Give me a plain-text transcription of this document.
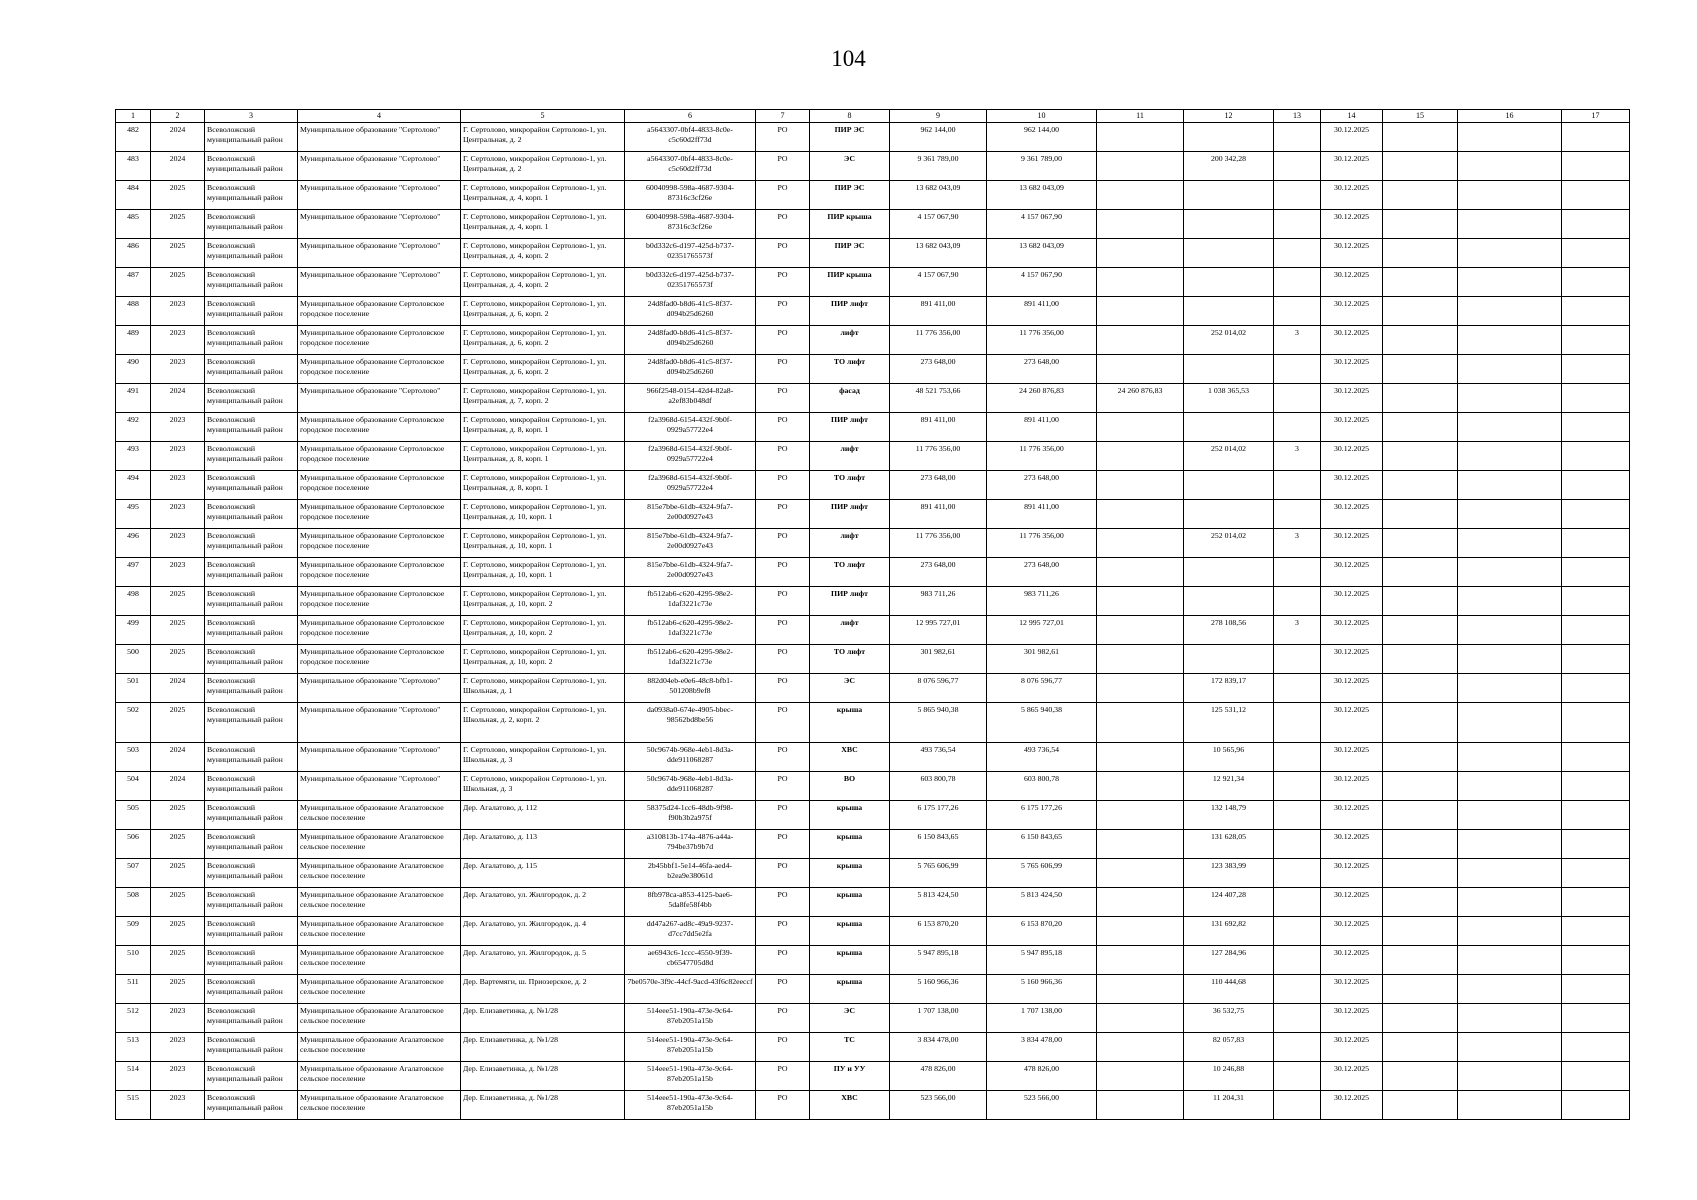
104
1	2	3	4	5	6	7	8	9	10	11	12	13	14	15	16	17
482	2024	Всеволожский муниципальный район	Муниципальное образование "Сертолово"	Г. Сертолово, микрорайон Сертолово-1, ул. Центральная, д. 2	a5643307-0bf4-4833-8c0e-c5c60d2ff73d	РО	ПИР ЭС	962 144,00	962 144,00				30.12.2025			
483	2024	Всеволожский муниципальный район	Муниципальное образование "Сертолово"	Г. Сертолово, микрорайон Сертолово-1, ул. Центральная, д. 2	a5643307-0bf4-4833-8c0e-c5c60d2ff73d	РО	ЭС	9 361 789,00	9 361 789,00		200 342,28		30.12.2025			
484	2025	Всеволожский муниципальный район	Муниципальное образование "Сертолово"	Г. Сертолово, микрорайон Сертолово-1, ул. Центральная, д. 4, корп. 1	60040998-598a-4687-9304-87316c3cf26e	РО	ПИР ЭС	13 682 043,09	13 682 043,09				30.12.2025			
485	2025	Всеволожский муниципальный район	Муниципальное образование "Сертолово"	Г. Сертолово, микрорайон Сертолово-1, ул. Центральная, д. 4, корп. 1	60040998-598a-4687-9304-87316c3cf26e	РО	ПИР крыша	4 157 067,90	4 157 067,90				30.12.2025			
486	2025	Всеволожский муниципальный район	Муниципальное образование "Сертолово"	Г. Сертолово, микрорайон Сертолово-1, ул. Центральная, д. 4, корп. 2	b0d332c6-d197-425d-b737-02351765573f	РО	ПИР ЭС	13 682 043,09	13 682 043,09				30.12.2025			
487	2025	Всеволожский муниципальный район	Муниципальное образование "Сертолово"	Г. Сертолово, микрорайон Сертолово-1, ул. Центральная, д. 4, корп. 2	b0d332c6-d197-425d-b737-02351765573f	РО	ПИР крыша	4 157 067,90	4 157 067,90				30.12.2025			
488	2023	Всеволожский муниципальный район	Муниципальное образование Сертоловское городское поселение	Г. Сертолово, микрорайон Сертолово-1, ул. Центральная, д. 6, корп. 2	24d8fad0-b8d6-41c5-8f37-d094b25d6260	РО	ПИР лифт	891 411,00	891 411,00				30.12.2025			
489	2023	Всеволожский муниципальный район	Муниципальное образование Сертоловское городское поселение	Г. Сертолово, микрорайон Сертолово-1, ул. Центральная, д. 6, корп. 2	24d8fad0-b8d6-41c5-8f37-d094b25d6260	РО	лифт	11 776 356,00	11 776 356,00		252 014,02	3	30.12.2025			
490	2023	Всеволожский муниципальный район	Муниципальное образование Сертоловское городское поселение	Г. Сертолово, микрорайон Сертолово-1, ул. Центральная, д. 6, корп. 2	24d8fad0-b8d6-41c5-8f37-d094b25d6260	РО	ТО лифт	273 648,00	273 648,00				30.12.2025			
491	2024	Всеволожский муниципальный район	Муниципальное образование "Сертолово"	Г. Сертолово, микрорайон Сертолово-1, ул. Центральная, д. 7, корп. 2	966f2548-0154-42d4-82a8-a2ef83b048df	РО	фасад	48 521 753,66	24 260 876,83	24 260 876,83	1 038 365,53		30.12.2025			
492	2023	Всеволожский муниципальный район	Муниципальное образование Сертоловское городское поселение	Г. Сертолово, микрорайон Сертолово-1, ул. Центральная, д. 8, корп. 1	f2a3968d-6154-432f-9b0f-0929a57722e4	РО	ПИР лифт	891 411,00	891 411,00				30.12.2025			
493	2023	Всеволожский муниципальный район	Муниципальное образование Сертоловское городское поселение	Г. Сертолово, микрорайон Сертолово-1, ул. Центральная, д. 8, корп. 1	f2a3968d-6154-432f-9b0f-0929a57722e4	РО	лифт	11 776 356,00	11 776 356,00		252 014,02	3	30.12.2025			
494	2023	Всеволожский муниципальный район	Муниципальное образование Сертоловское городское поселение	Г. Сертолово, микрорайон Сертолово-1, ул. Центральная, д. 8, корп. 1	f2a3968d-6154-432f-9b0f-0929a57722e4	РО	ТО лифт	273 648,00	273 648,00				30.12.2025			
495	2023	Всеволожский муниципальный район	Муниципальное образование Сертоловское городское поселение	Г. Сертолово, микрорайон Сертолово-1, ул. Центральная, д. 10, корп. 1	815e7bbe-61db-4324-9fa7-2e00d0927e43	РО	ПИР лифт	891 411,00	891 411,00				30.12.2025			
496	2023	Всеволожский муниципальный район	Муниципальное образование Сертоловское городское поселение	Г. Сертолово, микрорайон Сертолово-1, ул. Центральная, д. 10, корп. 1	815e7bbe-61db-4324-9fa7-2e00d0927e43	РО	лифт	11 776 356,00	11 776 356,00		252 014,02	3	30.12.2025			
497	2023	Всеволожский муниципальный район	Муниципальное образование Сертоловское городское поселение	Г. Сертолово, микрорайон Сертолово-1, ул. Центральная, д. 10, корп. 1	815e7bbe-61db-4324-9fa7-2e00d0927e43	РО	ТО лифт	273 648,00	273 648,00				30.12.2025			
498	2025	Всеволожский муниципальный район	Муниципальное образование Сертоловское городское поселение	Г. Сертолово, микрорайон Сертолово-1, ул. Центральная, д. 10, корп. 2	fb512ab6-c620-4295-98e2-1daf3221c73e	РО	ПИР лифт	983 711,26	983 711,26				30.12.2025			
499	2025	Всеволожский муниципальный район	Муниципальное образование Сертоловское городское поселение	Г. Сертолово, микрорайон Сертолово-1, ул. Центральная, д. 10, корп. 2	fb512ab6-c620-4295-98e2-1daf3221c73e	РО	лифт	12 995 727,01	12 995 727,01		278 108,56	3	30.12.2025			
500	2025	Всеволожский муниципальный район	Муниципальное образование Сертоловское городское поселение	Г. Сертолово, микрорайон Сертолово-1, ул. Центральная, д. 10, корп. 2	fb512ab6-c620-4295-98e2-1daf3221c73e	РО	ТО лифт	301 982,61	301 982,61				30.12.2025			
501	2024	Всеволожский муниципальный район	Муниципальное образование "Сертолово"	Г. Сертолово, микрорайон Сертолово-1, ул. Школьная, д. 1	882d04eb-e0e6-48c8-bfb1-501208b9ef8	РО	ЭС	8 076 596,77	8 076 596,77		172 839,17		30.12.2025			
502	2025	Всеволожский муниципальный район	Муниципальное образование "Сертолово"	Г. Сертолово, микрорайон Сертолово-1, ул. Школьная, д. 2, корп. 2	da0938a0-674e-4905-bbec-98562bd8be56	РО	крыша	5 865 940,38	5 865 940,38		125 531,12		30.12.2025			
503	2024	Всеволожский муниципальный район	Муниципальное образование "Сертолово"	Г. Сертолово, микрорайон Сертолово-1, ул. Школьная, д. 3	50c9674b-968e-4eb1-8d3a-dde911068287	РО	ХВС	493 736,54	493 736,54		10 565,96		30.12.2025			
504	2024	Всеволожский муниципальный район	Муниципальное образование "Сертолово"	Г. Сертолово, микрорайон Сертолово-1, ул. Школьная, д. 3	50c9674b-968e-4eb1-8d3a-dde911068287	РО	ВО	603 800,78	603 800,78		12 921,34		30.12.2025			
505	2025	Всеволожский муниципальный район	Муниципальное образование Агалатовское сельское поселение	Дер. Агалатово, д. 112	58375d24-1cc6-48db-9f98-f90b3b2a975f	РО	крыша	6 175 177,26	6 175 177,26		132 148,79		30.12.2025			
506	2025	Всеволожский муниципальный район	Муниципальное образование Агалатовское сельское поселение	Дер. Агалатово, д. 113	a310813b-174a-4876-a44a-794be37b9b7d	РО	крыша	6 150 843,65	6 150 843,65		131 628,05		30.12.2025			
507	2025	Всеволожский муниципальный район	Муниципальное образование Агалатовское сельское поселение	Дер. Агалатово, д. 115	2b45bbf1-5e14-46fa-aed4-b2ea9e38061d	РО	крыша	5 765 606,99	5 765 606,99		123 383,99		30.12.2025			
508	2025	Всеволожский муниципальный район	Муниципальное образование Агалатовское сельское поселение	Дер. Агалатово, ул. Жилгородок, д. 2	8fb978ca-a853-4125-bae6-5da8fe58f4bb	РО	крыша	5 813 424,50	5 813 424,50		124 407,28		30.12.2025			
509	2025	Всеволожский муниципальный район	Муниципальное образование Агалатовское сельское поселение	Дер. Агалатово, ул. Жилгородок, д. 4	dd47a267-ad8c-49a9-9237-d7cc7dd5e2fa	РО	крыша	6 153 870,20	6 153 870,20		131 692,82		30.12.2025			
510	2025	Всеволожский муниципальный район	Муниципальное образование Агалатовское сельское поселение	Дер. Агалатово, ул. Жилгородок, д. 5	ae6943c6-1ccc-4550-9f39-cb6547705d8d	РО	крыша	5 947 895,18	5 947 895,18		127 284,96		30.12.2025			
511	2025	Всеволожский муниципальный район	Муниципальное образование Агалатовское сельское поселение	Дер. Вартемяги, ш. Приозерское, д. 2	7be0570e-3f9c-44cf-9acd-43f6c82eeccf	РО	крыша	5 160 966,36	5 160 966,36		110 444,68		30.12.2025			
512	2023	Всеволожский муниципальный район	Муниципальное образование Агалатовское сельское поселение	Дер. Елизаветинка, д. №1/28	514eee51-190a-473e-9c64-87eb2051a15b	РО	ЭС	1 707 138,00	1 707 138,00		36 532,75		30.12.2025			
513	2023	Всеволожский муниципальный район	Муниципальное образование Агалатовское сельское поселение	Дер. Елизаветинка, д. №1/28	514eee51-190a-473e-9c64-87eb2051a15b	РО	ТС	3 834 478,00	3 834 478,00		82 057,83		30.12.2025			
514	2023	Всеволожский муниципальный район	Муниципальное образование Агалатовское сельское поселение	Дер. Елизаветинка, д. №1/28	514eee51-190a-473e-9c64-87eb2051a15b	РО	ПУ и УУ	478 826,00	478 826,00		10 246,88		30.12.2025			
515	2023	Всеволожский муниципальный район	Муниципальное образование Агалатовское сельское поселение	Дер. Елизаветинка, д. №1/28	514eee51-190a-473e-9c64-87eb2051a15b	РО	ХВС	523 566,00	523 566,00		11 204,31		30.12.2025			
